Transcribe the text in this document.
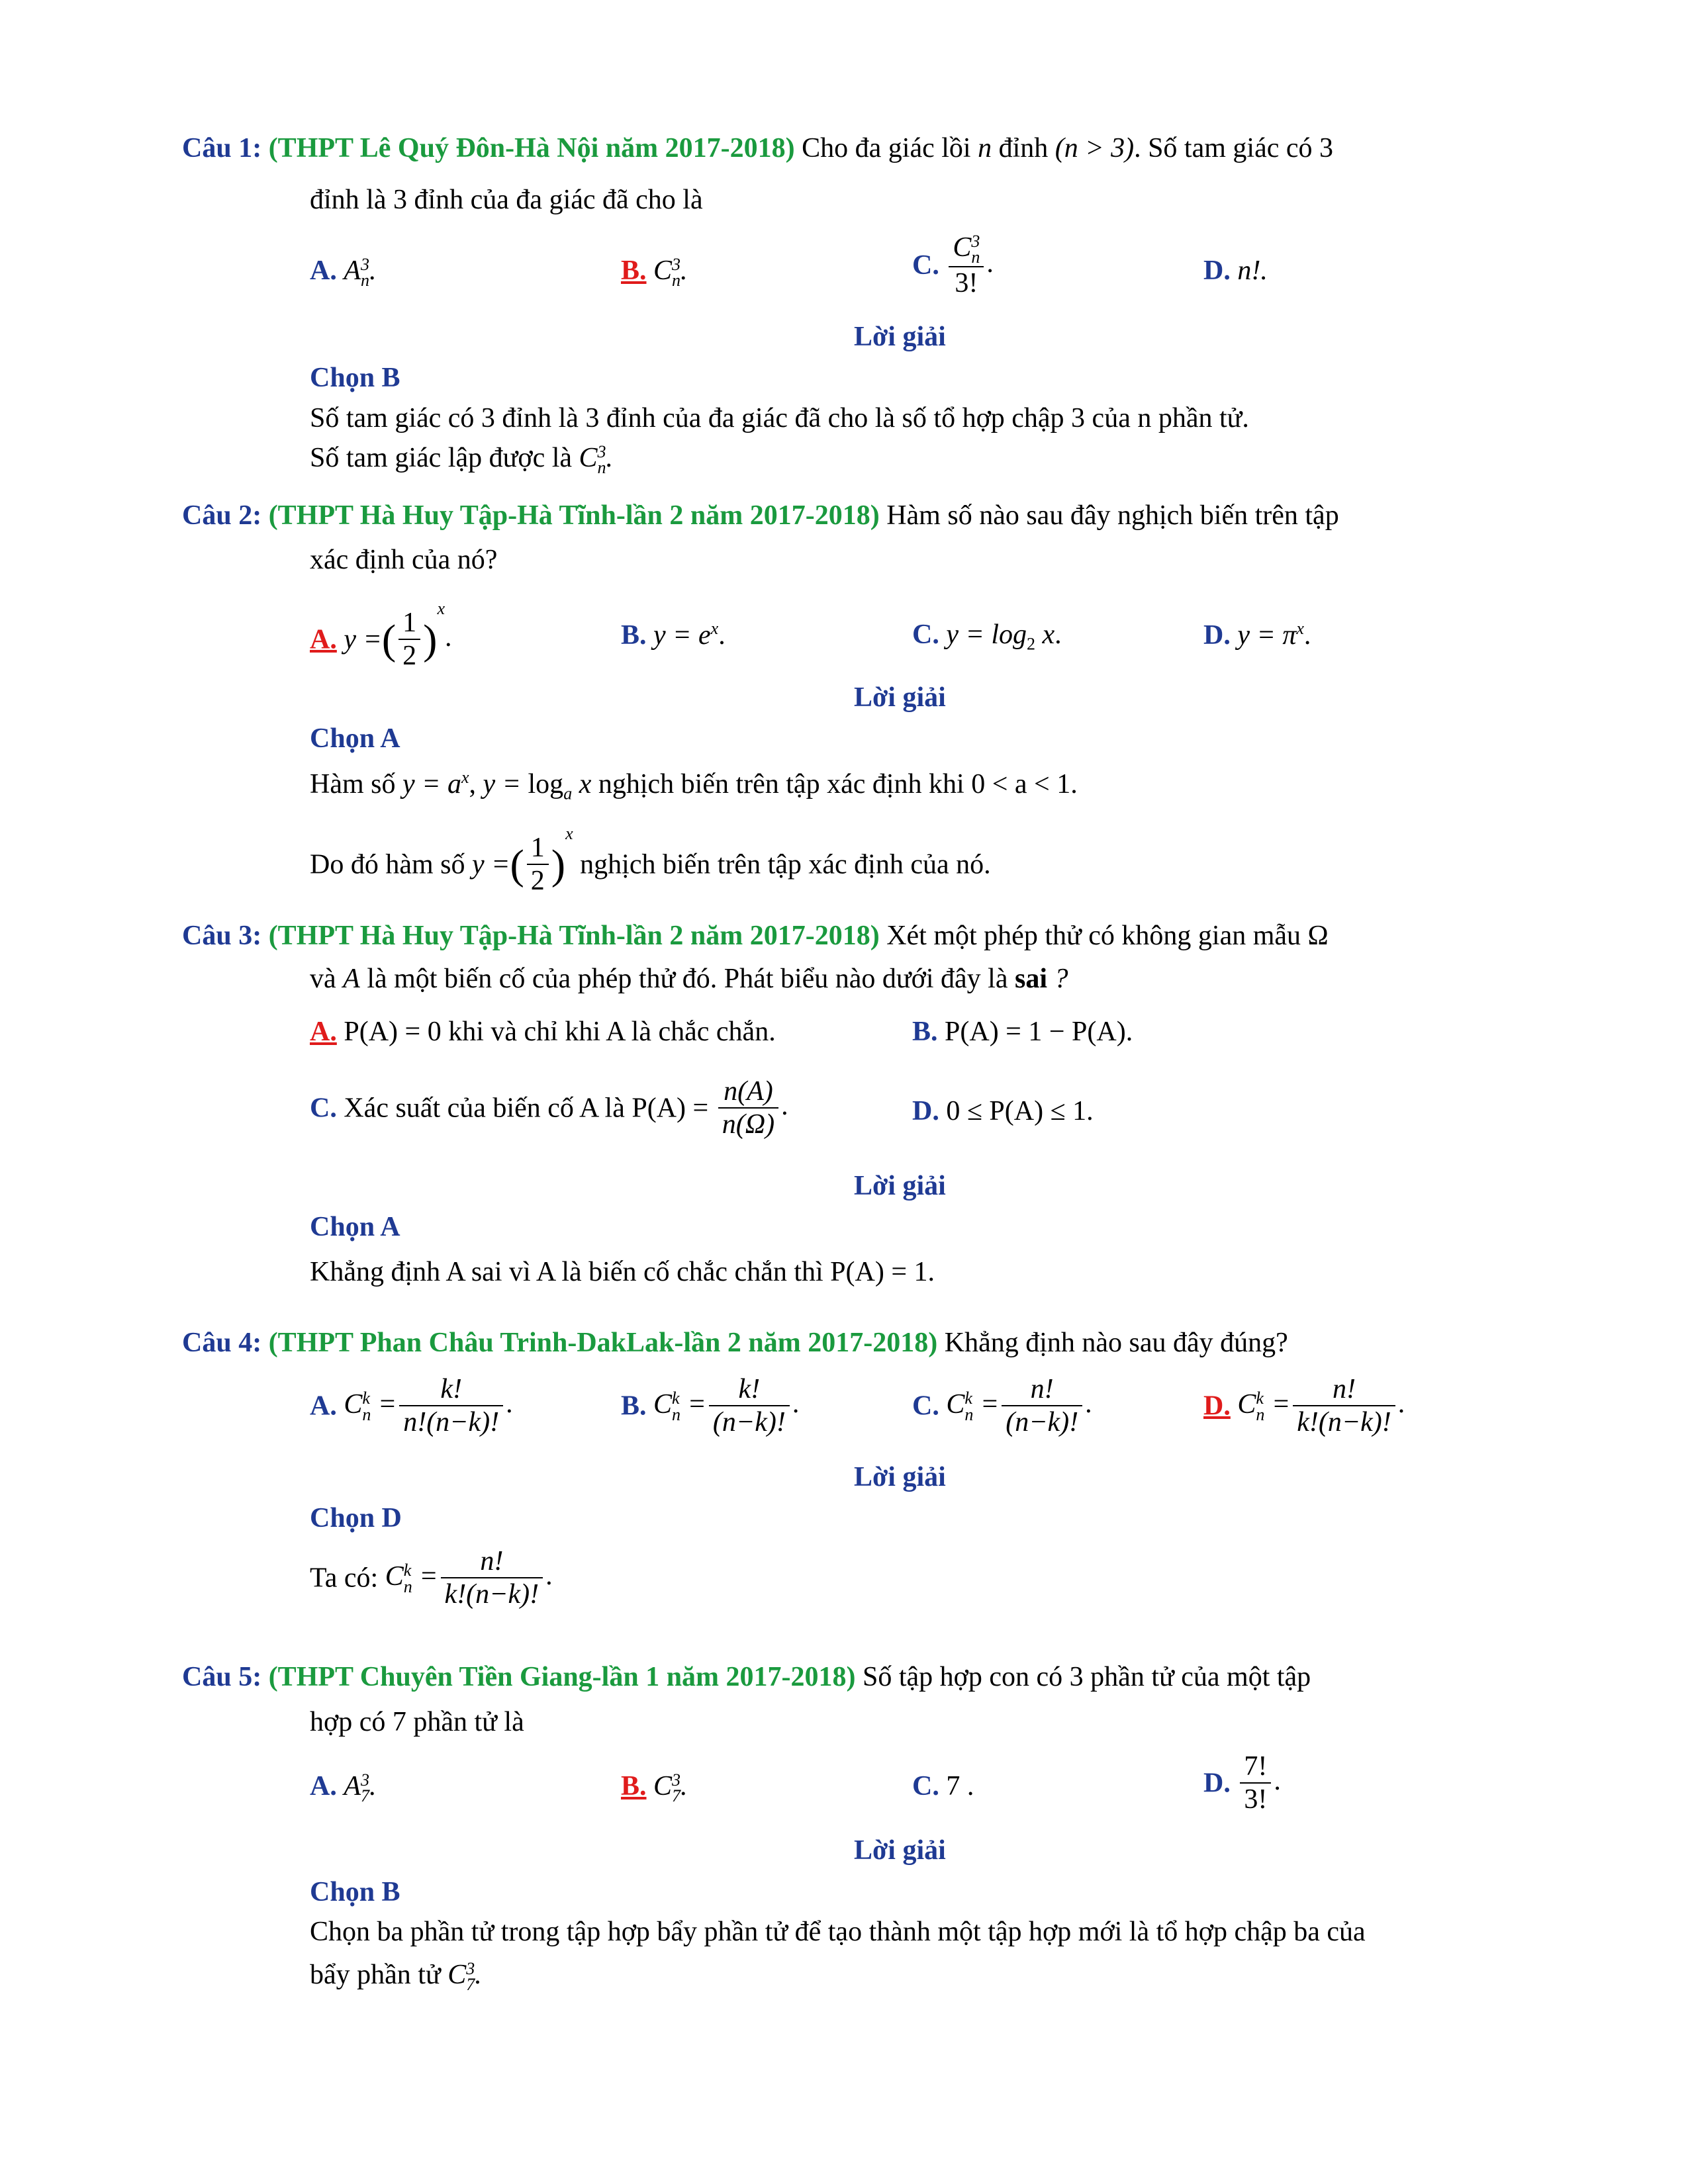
Câu 1: (THPT Lê Quý Đôn-Hà Nội năm 2017-2018) Cho đa giác lồi n đỉnh (n > 3). Số tam giác có 3
đỉnh là 3 đỉnh của đa giác đã cho là
A. A 3
n .	B. C 3
n .	C. C 3
n
3! .	D. n!.
Lời giải
Chọn B
Số tam giác có 3 đỉnh là 3 đỉnh của đa giác đã cho là số tổ hợp chập 3 của n phần tử.
Số tam giác lập được là C 3
n .
Câu 2: (THPT Hà Huy Tập-Hà Tĩnh-lần 2 năm 2017-2018) Hàm số nào sau đây nghịch biến trên tập
xác định của nó?
A. y =( $\frac{1}{2} )^x$.	B. $y = e^x$.	C. $y = \log_2 x$.	D. $y = \pi^x$.
Lời giải
Chọn A
Hàm số $y = a^x$, $y = \log_a x$ nghịch biến trên tập xác định khi 0 < a < 1.
Do đó hàm số y =( $\frac{1}{2} )^x$ nghịch biến trên tập xác định của nó.
Câu 3: (THPT Hà Huy Tập-Hà Tĩnh-lần 2 năm 2017-2018) Xét một phép thử có không gian mẫu Ω
và A là một biến cố của phép thử đó. Phát biểu nào dưới đây là sai ?
A. P(A) = 0 khi và chỉ khi A là chắc chắn.	B. P(A) = 1 − P(A).
C. Xác suất của biến cố A là $P(A) = \frac{n(A)}{n(\Omega)}$ .	D. 0 ≤ P(A) ≤ 1.
Lời giải
Chọn A
Khẳng định A sai vì A là biến cố chắc chắn thì P(A) = 1.
Câu 4: (THPT Phan Châu Trinh-DakLak-lần 2 năm 2017-2018) Khẳng định nào sau đây đúng?
A. C k
$n = \frac{k!}{n!(n-k)!}$ .	B. C k
$n = \frac{k!}{(n-k)!}$ .	C. C k
$n = \frac{n!}{(n-k)!}$ .	D. C k
$n = \frac{n!}{k!(n-k)!}$ .
Lời giải
Chọn D
Ta có: C k
$n = \frac{n!}{k!(n-k)!}$ .
Câu 5: (THPT Chuyên Tiền Giang-lần 1 năm 2017-2018) Số tập hợp con có 3 phần tử của một tập
hợp có 7 phần tử là
A. A 3
7 .	B. C 3
7 .	C. 7 .	D. $\frac{7!}{3!}$ .
Lời giải
Chọn B
Chọn ba phần tử trong tập hợp bẩy phần tử để tạo thành một tập hợp mới là tổ hợp chập ba của
bẩy phần tử C 3
7 .
